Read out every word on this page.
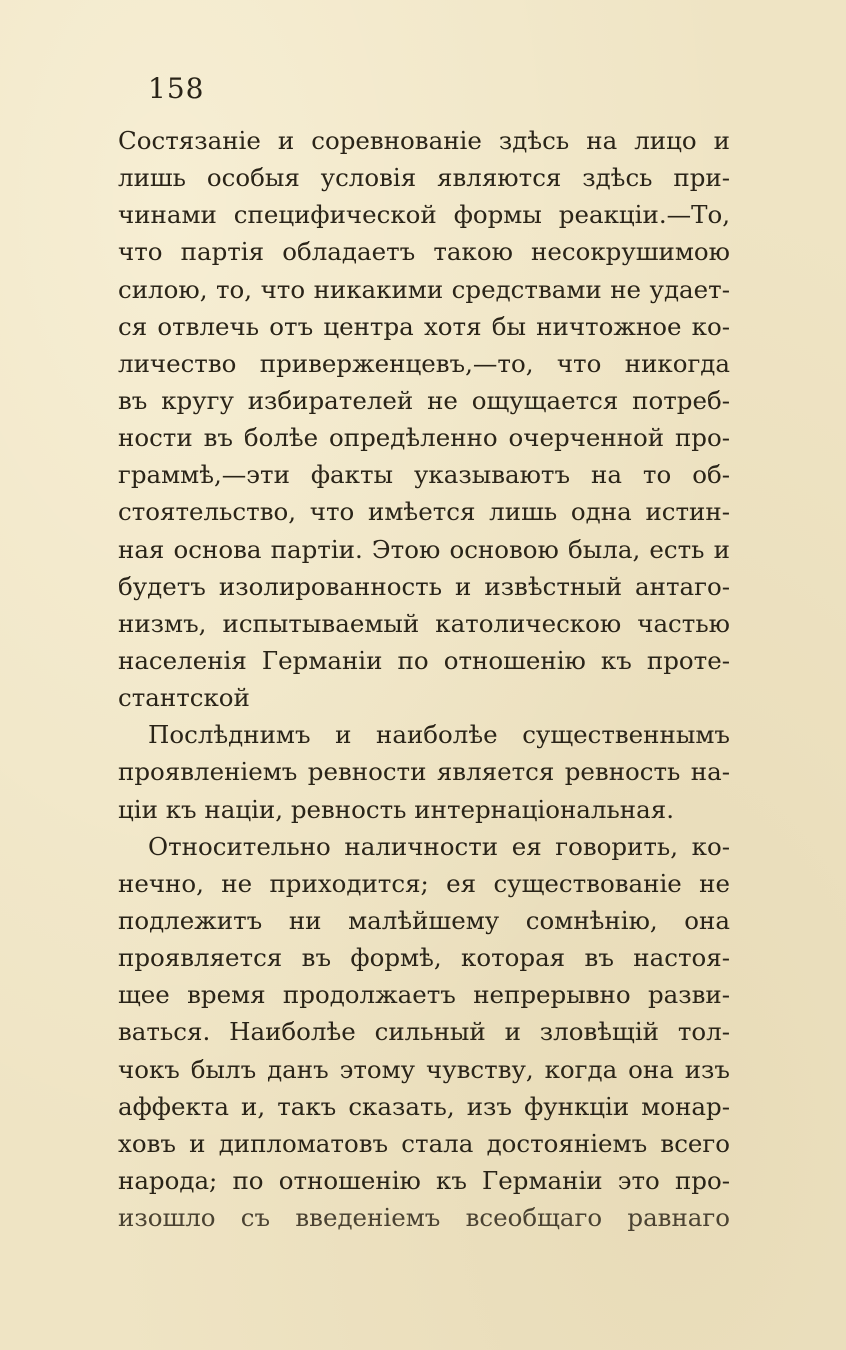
158
Состязаніе и соревнованіе здѣсь на лицо и
лишь особыя условія являются здѣсь при-
чинами специфической формы реакціи.—То,
что партія обладаетъ такою несокрушимою
силою, то, что никакими средствами не удает-
ся отвлечь отъ центра хотя бы ничтожное ко-
личество приверженцевъ,—то, что никогда
въ кругу избирателей не ощущается потреб-
ности въ болѣе опредѣленно очерченной про-
граммѣ,—эти факты указываютъ на то об-
стоятельство, что имѣется лишь одна истин-
ная основа партіи. Этою основою была, есть и
будетъ изолированность и извѣстный антаго-
низмъ, испытываемый католическою частью
населенія Германіи по отношенію къ проте-
стантской
Послѣднимъ и наиболѣе существеннымъ
проявленіемъ ревности является ревность на-
ціи къ націи, ревность интернаціональная.
Относительно наличности ея говорить, ко-
нечно, не приходится; ея существованіе не
подлежитъ ни малѣйшему сомнѣнію, она
проявляется въ формѣ, которая въ настоя-
щее время продолжаетъ непрерывно разви-
ваться. Наиболѣе сильный и зловѣщій тол-
чокъ былъ данъ этому чувству, когда она изъ
аффекта и, такъ сказать, изъ функціи монар-
ховъ и дипломатовъ стала достояніемъ всего
народа; по отношенію къ Германіи это про-
изошло съ введеніемъ всеобщаго равнаго
